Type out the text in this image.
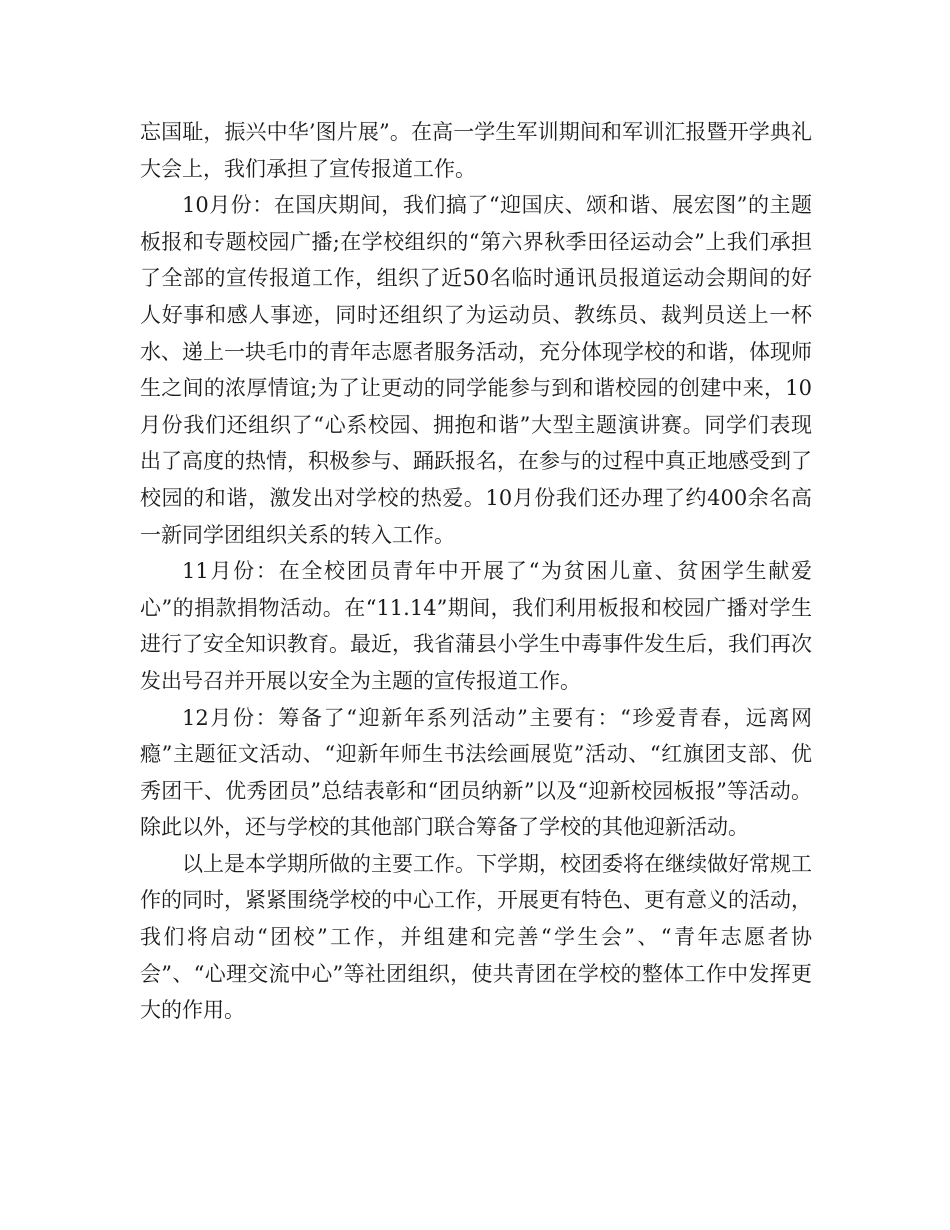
忘国耻，振兴中华’图片展”。在高一学生军训期间和军训汇报暨开学典礼大会上，我们承担了宣传报道工作。

10月份：在国庆期间，我们搞了“迎国庆、颂和谐、展宏图”的主题板报和专题校园广播;在学校组织的“第六界秋季田径运动会”上我们承担了全部的宣传报道工作，组织了近50名临时通讯员报道运动会期间的好人好事和感人事迹，同时还组织了为运动员、教练员、裁判员送上一杯水、递上一块毛巾的青年志愿者服务活动，充分体现学校的和谐，体现师生之间的浓厚情谊;为了让更动的同学能参与到和谐校园的创建中来，10月份我们还组织了“心系校园、拥抱和谐”大型主题演讲赛。同学们表现出了高度的热情，积极参与、踊跃报名，在参与的过程中真正地感受到了校园的和谐，激发出对学校的热爱。10月份我们还办理了约400余名高一新同学团组织关系的转入工作。

11月份：在全校团员青年中开展了“为贫困儿童、贫困学生献爱心”的捐款捐物活动。在“11.14”期间，我们利用板报和校园广播对学生进行了安全知识教育。最近，我省蒲县小学生中毒事件发生后，我们再次发出号召并开展以安全为主题的宣传报道工作。

12月份：筹备了“迎新年系列活动”主要有：“珍爱青春，远离网瘾”主题征文活动、“迎新年师生书法绘画展览”活动、“红旗团支部、优秀团干、优秀团员”总结表彰和“团员纳新”以及“迎新校园板报”等活动。除此以外，还与学校的其他部门联合筹备了学校的其他迎新活动。

以上是本学期所做的主要工作。下学期，校团委将在继续做好常规工作的同时，紧紧围绕学校的中心工作，开展更有特色、更有意义的活动，我们将启动“团校”工作，并组建和完善“学生会”、“青年志愿者协会”、“心理交流中心”等社团组织，使共青团在学校的整体工作中发挥更大的作用。
